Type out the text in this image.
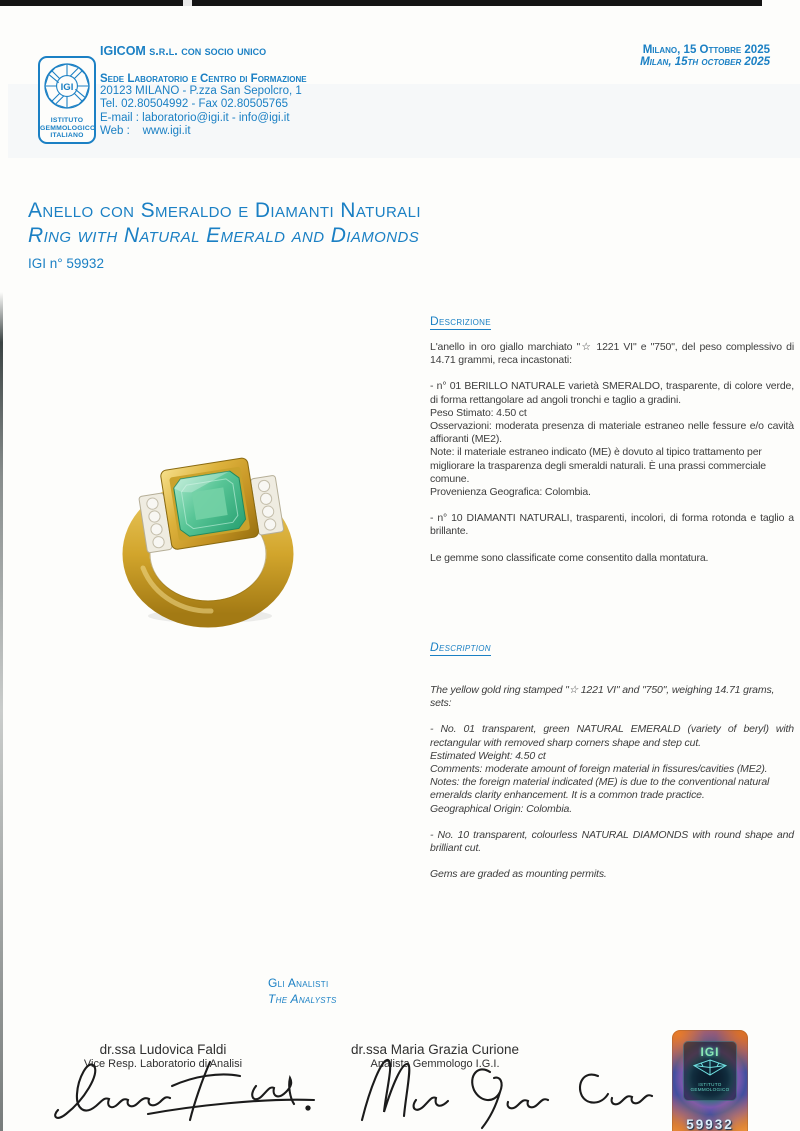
IGI
ISTITUTO GEMMOLOGICO ITALIANO
IGICOM s.r.l. con socio unico
Sede Laboratorio e Centro di Formazione
20123 MILANO - P.zza San Sepolcro, 1
Tel. 02.80504992 - Fax 02.80505765
E-mail : laboratorio@igi.it - info@igi.it
Web :    www.igi.it
Milano, 15 Ottobre 2025
Milan, 15th october 2025
Anello con Smeraldo e Diamanti Naturali
Ring with Natural Emerald and Diamonds
IGI n° 59932
Descrizione

L'anello in oro giallo marchiato "☆ 1221 VI" e "750", del peso complessivo di 14.71 grammi, reca incastonati:

- n° 01 BERILLO NATURALE varietà SMERALDO, trasparente, di colore verde, di forma rettangolare ad angoli tronchi e taglio a gradini.

Peso Stimato: 4.50 ct

Osservazioni: moderata presenza di materiale estraneo nelle fessure e/o cavità affioranti (ME2).

Note: il materiale estraneo indicato (ME) è dovuto al tipico trattamento per migliorare la trasparenza degli smeraldi naturali. È una prassi commerciale comune.

Provenienza Geografica: Colombia.

- n° 10 DIAMANTI NATURALI, trasparenti, incolori, di forma rotonda e taglio a brillante.

Le gemme sono classificate come consentito dalla montatura.

Description

The yellow gold ring stamped "☆ 1221 VI" and "750", weighing 14.71 grams, sets:

- No. 01 transparent, green NATURAL EMERALD (variety of beryl) with rectangular with removed sharp corners shape and step cut.

Estimated Weight: 4.50 ct

Comments: moderate amount of foreign material in fissures/cavities (ME2).

Notes: the foreign material indicated (ME) is due to the conventional natural emeralds clarity enhancement. It is a common trade practice.

Geographical Origin: Colombia.

- No. 10 transparent, colourless NATURAL DIAMONDS with round shape and brilliant cut.

Gems are graded as mounting permits.

Gli Analisti
The Analysts
dr.ssa Ludovica Faldi
Vice Resp. Laboratorio di Analisi
dr.ssa Maria Grazia Curione
Analista Gemmologo I.G.I.
IGI
ISTITUTO GEMMOLOGICO
59932
